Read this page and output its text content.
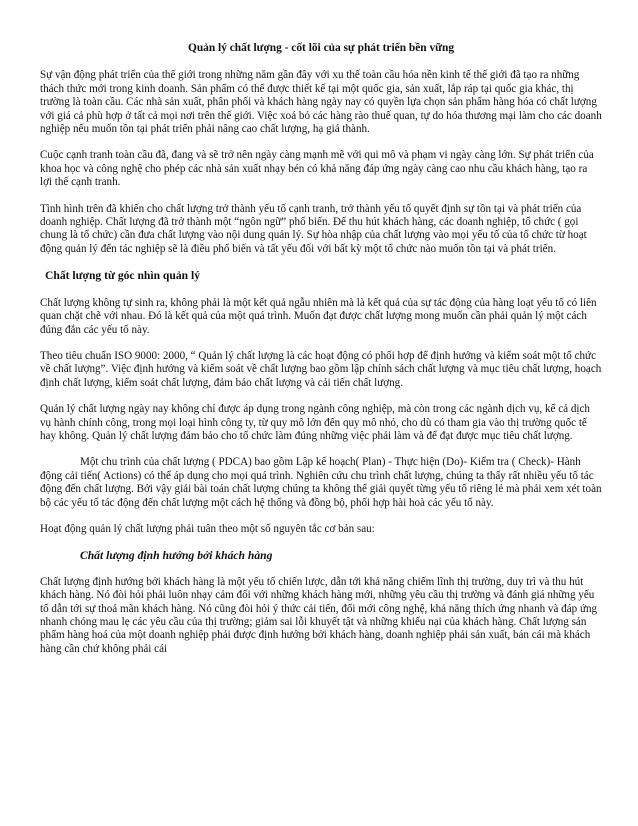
Quản lý chất lượng - cốt lõi của sự phát triển bền vững

Sự vận động phát triển của thế giới trong những năm gần đây với xu thế toàn cầu hóa nền kinh tế thế giới đã tạo ra những thách thức mới trong kinh doanh. Sản phẩm có thể được thiết kế tại một quốc gia, sản xuất, lắp ráp tại quốc gia khác, thị trường là toàn cầu. Các nhà sản xuất, phân phối và khách hàng ngày nay có quyền lựa chọn sản phẩm hàng hóa có chất lượng với giá cả phù hợp ở tất cả mọi nơi trên thế giới. Việc xoá bỏ các hàng rào thuế quan, tự do hóa thương mại làm cho các doanh nghiệp nếu muốn tồn tại phát triển phải nâng cao chất lượng, hạ giá thành.

Cuộc cạnh tranh toàn cầu đã, đang và sẽ trở nên ngày càng mạnh mẽ với qui mô và phạm vi ngày càng lớn. Sự phát triển của khoa học và công nghệ cho phép các nhà sản xuất nhạy bén có khả năng đáp ứng ngày càng cao nhu cầu khách hàng, tạo ra lợi thế cạnh tranh.

Tình hình trên đã khiến cho chất lượng trở thành yếu tố cạnh tranh, trở thành yếu tố quyết định sự tồn tại và phát triển của doanh nghiệp. Chất lượng đã trở thành một “ngôn ngữ” phổ biến. Để thu hút khách hàng, các doanh nghiệp, tổ chức ( gọi chung là tổ chức) cần đưa chất lượng vào nội dung quản lý. Sự hòa nhập của chất lượng vào mọi yếu tố của tổ chức từ hoạt động quản lý đến tác nghiệp sẽ là điều phổ biến và tất yếu đối với bất kỳ một tổ chức nào muốn tồn tại và phát triển.

Chất lượng từ góc nhìn quản lý

Chất lượng không tự sinh ra, không phải là một kết quả ngẫu nhiên mà là kết quả của sự tác động của hàng loạt yếu tố có liên quan chặt chẽ với nhau. Đó là kết quả của một quá trình. Muốn đạt được chất lượng mong muốn cần phải quản lý một cách đúng đắn các yếu tố này.

Theo tiêu chuẩn ISO 9000: 2000, “ Quản lý chất lượng là các hoạt động có phối hợp để định hướng và kiểm soát một tổ chức về chất lượng”. Việc định hướng và kiểm soát về chất lượng bao gồm lập chính sách chất lượng và mục tiêu chất lượng, hoạch định chất lượng, kiểm soát chất lượng, đảm bảo chất lượng và cải tiến chất lượng.

Quản lý chất lượng ngày nay không chỉ được áp dụng trong ngành công nghiệp, mà còn trong các ngành dịch vụ, kể cả dịch vụ hành chính công, trong mọi loại hình công ty, từ quy mô lớn đến quy mô nhỏ, cho dù có tham gia vào thị trường quốc tế hay không. Quản lý chất lượng đảm bảo cho tổ chức làm đúng những việc phải làm và để đạt được mục tiêu chất lượng.

Một chu trình của chất lượng ( PDCA) bao gồm Lập kế hoạch( Plan) - Thực hiện (Do)- Kiểm tra ( Check)- Hành động cải tiến( Actions) có thể áp dụng cho mọi quá trình. Nghiên cứu chu trình chất lượng, chúng ta thấy rất nhiều yếu tố tác động đến chất lượng. Bởi vậy giải bài toán chất lượng chúng ta không thể giải quyết từng yếu tố riêng lẻ mà phải xem xét toàn bộ các yếu tố tác động đến chất lượng một cách hệ thống và đồng bộ, phối hợp hài hoà các yếu tố này.

Hoạt động quản lý chất lượng phải tuân theo một số nguyên tắc cơ bản sau:

Chất lượng định hướng bởi khách hàng

Chất lượng định hướng bởi khách hàng là một yếu tố chiến lược, dẫn tới khả năng chiếm lĩnh thị trường, duy trì và thu hút khách hàng. Nó đòi hỏi phải luôn nhạy cảm đối với những khách hàng mới, những yêu cầu thị trường và đánh giá những yếu tố dẫn tới sự thoả mãn khách hàng. Nó cũng đòi hỏi ý thức cải tiến, đổi mới công nghệ, khả năng thích ứng nhanh và đáp ứng nhanh chóng mau lẹ các yêu cầu của thị trường; giảm sai lỗi khuyết tật và những khiếu nại của khách hàng. Chất lượng sản phẩm hàng hoá của một doanh nghiệp phải được định hướng bởi khách hàng, doanh nghiệp phải sản xuất, bán cái mà khách hàng cần chứ không phải cái
